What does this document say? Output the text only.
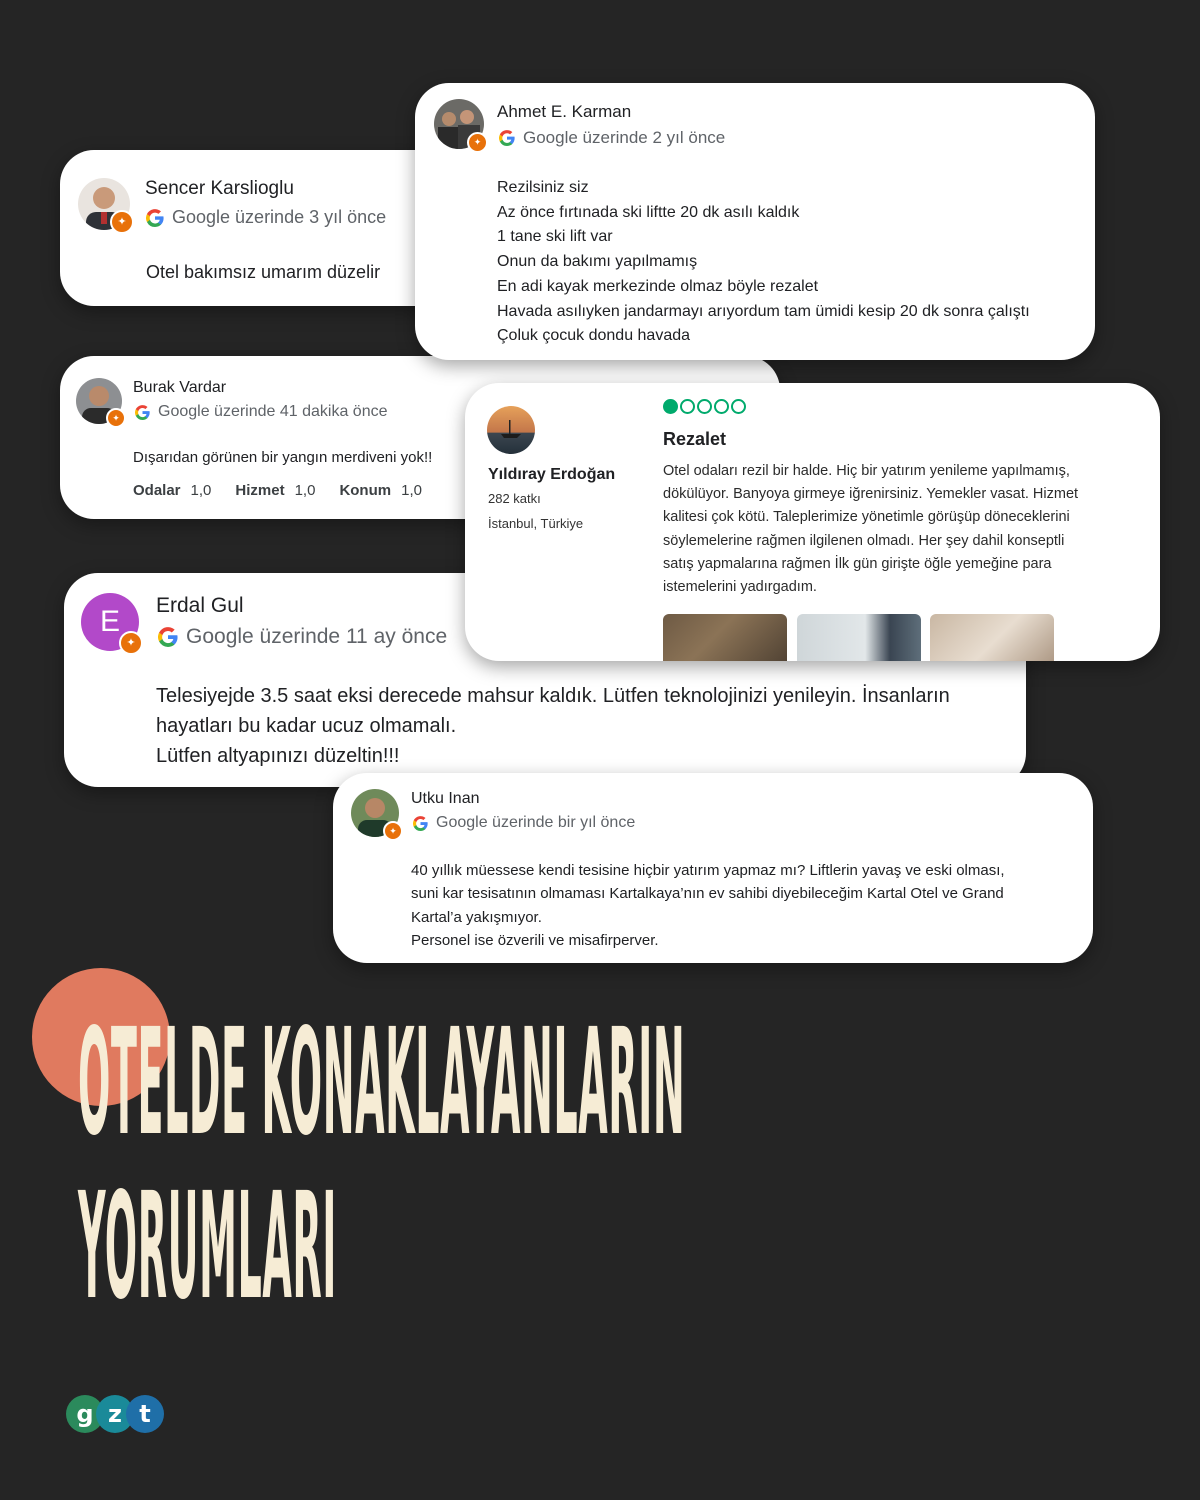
✦
Sencer Karslioglu
Google üzerinde 3 yıl önce
Otel bakımsız umarım düzelir
✦
Burak Vardar
Google üzerinde 41 dakika önce
Dışarıdan görünen bir yangın merdiveni yok!!
Odalar 1,0 Hizmet 1,0 Konum 1,0
E
✦
Erdal Gul
Google üzerinde 11 ay önce
Telesiyejde 3.5 saat eksi derecede mahsur kaldık. Lütfen teknolojinizi yenileyin. İnsanların
hayatları bu kadar ucuz olmamalı.
Lütfen altyapınızı düzeltin!!!
✦
Ahmet E. Karman
Google üzerinde 2 yıl önce
Rezilsiniz siz
Az önce fırtınada ski liftte 20 dk asılı kaldık
1 tane ski lift var
Onun da bakımı yapılmamış
En adi kayak merkezinde olmaz böyle rezalet
Havada asılıyken jandarmayı arıyordum tam ümidi kesip 20 dk sonra çalıştı
Çoluk çocuk dondu havada
Yıldıray Erdoğan
282 katkı
İstanbul, Türkiye
Rezalet
Otel odaları rezil bir halde. Hiç bir yatırım yenileme yapılmamış,
dökülüyor. Banyoya girmeye iğrenirsiniz. Yemekler vasat. Hizmet
kalitesi çok kötü. Taleplerimize yönetimle görüşüp döneceklerini
söylemelerine rağmen ilgilenen olmadı. Her şey dahil konseptli
satış yapmalarına rağmen İlk gün girişte öğle yemeğine para
istemelerini yadırgadım.
✦
Utku Inan
Google üzerinde bir yıl önce
40 yıllık müessese kendi tesisine hiçbir yatırım yapmaz mı? Liftlerin yavaş ve eski olması,
suni kar tesisatının olmaması Kartalkaya’nın ev sahibi diyebileceğim Kartal Otel ve Grand
Kartal’a yakışmıyor.
Personel ise özverili ve misafirperver.
OTELDE KONAKLAYANLARIN
YORUMLARI
g z t
